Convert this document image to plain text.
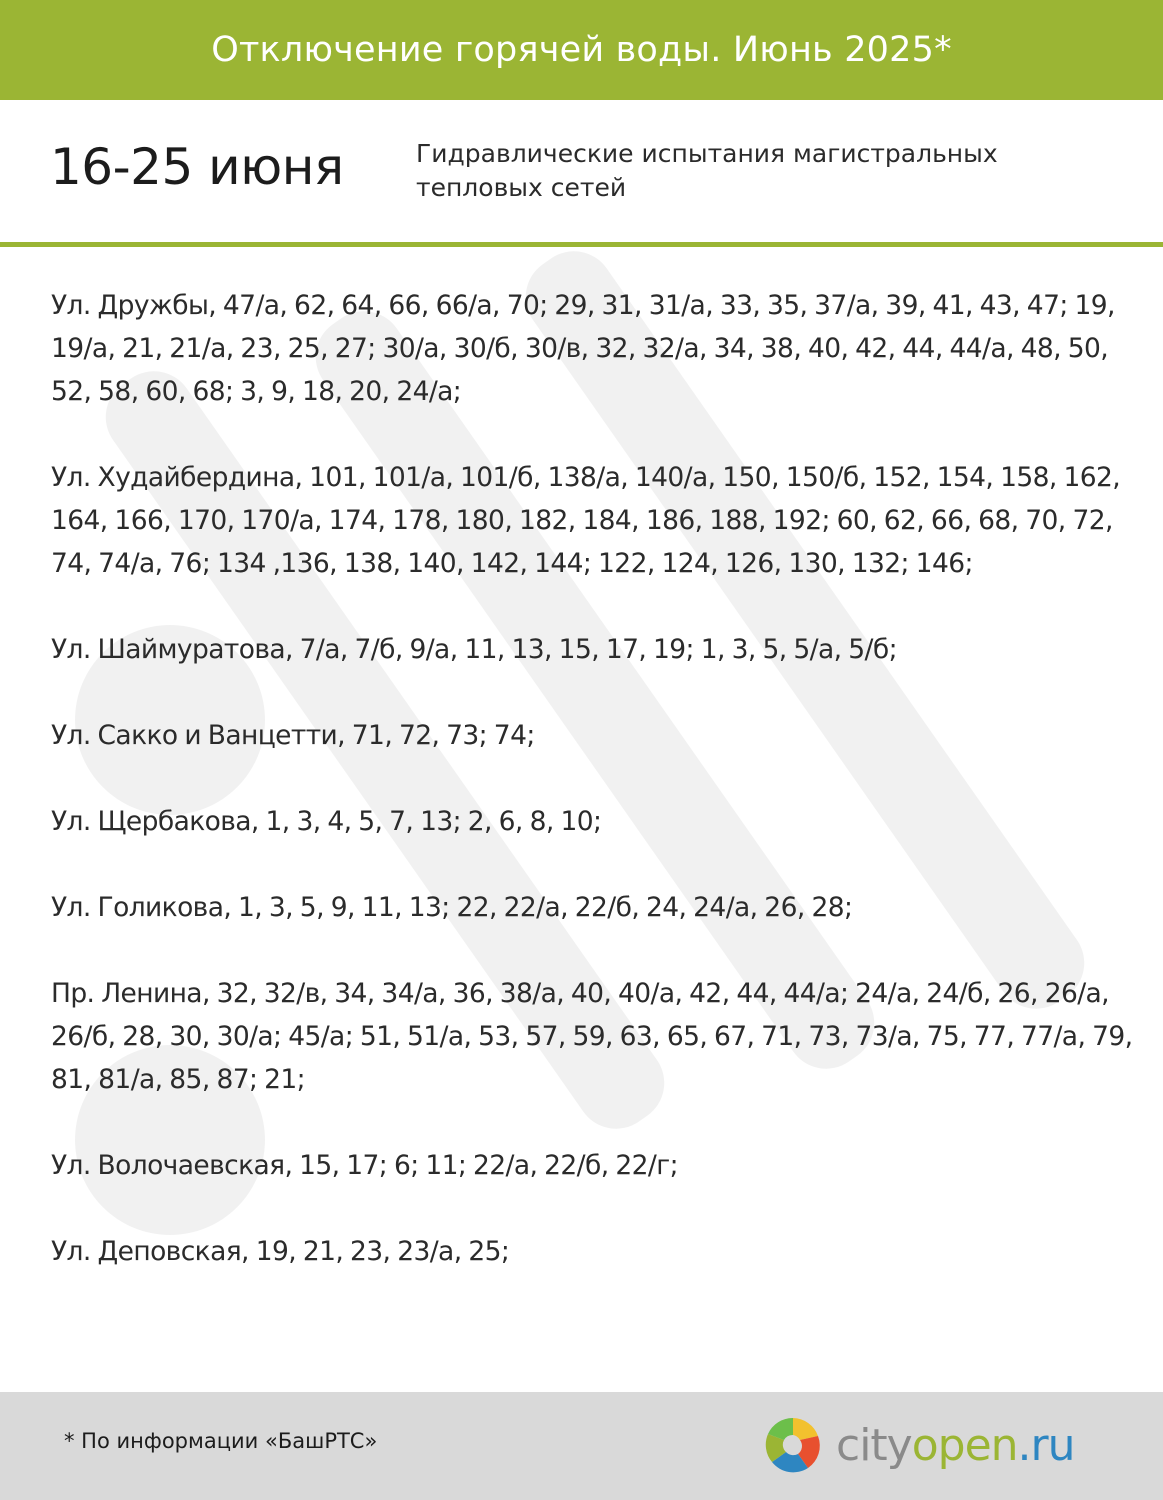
Отключение горячей воды. Июнь 2025*
16-25 июня	Гидравлические испытания магистральных тепловых сетей

Ул. Дружбы, 47/а, 62, 64, 66, 66/а, 70; 29, 31, 31/а, 33, 35, 37/а, 39, 41, 43, 47; 19, 19/а, 21, 21/а, 23, 25, 27; 30/а, 30/б, 30/в, 32, 32/а, 34, 38, 40, 42, 44, 44/а, 48, 50, 52, 58, 60, 68; 3, 9, 18, 20, 24/а;

Ул. Худайбердина, 101, 101/а, 101/б, 138/а, 140/а, 150, 150/б, 152, 154, 158, 162, 164, 166, 170, 170/а, 174, 178, 180, 182, 184, 186, 188, 192; 60, 62, 66, 68, 70, 72, 74, 74/а, 76; 134 ,136, 138, 140, 142, 144; 122, 124, 126, 130, 132; 146;

Ул. Шаймуратова, 7/а, 7/б, 9/а, 11, 13, 15, 17, 19; 1, 3, 5, 5/а, 5/б;

Ул. Сакко и Ванцетти, 71, 72, 73; 74;

Ул. Щербакова, 1, 3, 4, 5, 7, 13; 2, 6, 8, 10;

Ул. Голикова, 1, 3, 5, 9, 11, 13; 22, 22/а, 22/б, 24, 24/а, 26, 28;

Пр. Ленина, 32, 32/в, 34, 34/а, 36, 38/а, 40, 40/а, 42, 44, 44/а; 24/а, 24/б, 26, 26/а, 26/б, 28, 30, 30/а; 45/а; 51, 51/а, 53, 57, 59, 63, 65, 67, 71, 73, 73/а, 75, 77, 77/а, 79, 81, 81/а, 85, 87; 21;

Ул. Волочаевская, 15, 17; 6; 11; 22/а, 22/б, 22/г;

Ул. Деповская, 19, 21, 23, 23/а, 25;

* По информации «БашРТС»	cityopen.ru
